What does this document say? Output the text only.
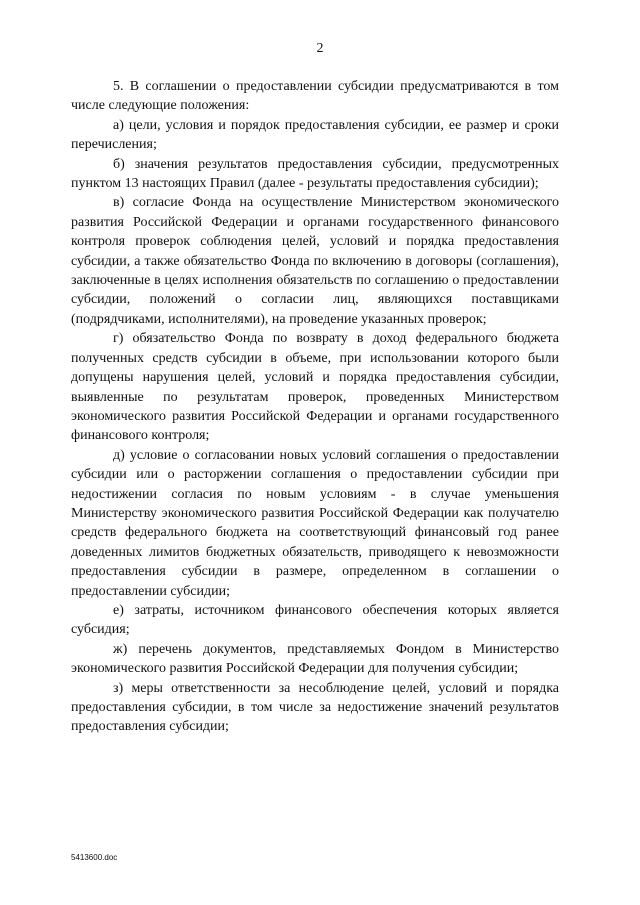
2

5. В соглашении о предоставлении субсидии предусматриваются в том числе следующие положения:

а) цели, условия и порядок предоставления субсидии, ее размер и сроки перечисления;

б) значения результатов предоставления субсидии, предусмотренных пунктом 13 настоящих Правил (далее - результаты предоставления субсидии);

в) согласие Фонда на осуществление Министерством экономического развития Российской Федерации и органами государственного финансового контроля проверок соблюдения целей, условий и порядка предоставления субсидии, а также обязательство Фонда по включению в договоры (соглашения), заключенные в целях исполнения обязательств по соглашению о предоставлении субсидии, положений о согласии лиц, являющихся поставщиками (подрядчиками, исполнителями), на проведение указанных проверок;

г) обязательство Фонда по возврату в доход федерального бюджета полученных средств субсидии в объеме, при использовании которого были допущены нарушения целей, условий и порядка предоставления субсидии, выявленные по результатам проверок, проведенных Министерством экономического развития Российской Федерации и органами государственного финансового контроля;

д) условие о согласовании новых условий соглашения о предоставлении субсидии или о расторжении соглашения о предоставлении субсидии при недостижении согласия по новым условиям - в случае уменьшения Министерству экономического развития Российской Федерации как получателю средств федерального бюджета на соответствующий финансовый год ранее доведенных лимитов бюджетных обязательств, приводящего к невозможности предоставления субсидии в размере, определенном в соглашении о предоставлении субсидии;

е) затраты, источником финансового обеспечения которых является субсидия;

ж) перечень документов, представляемых Фондом в Министерство экономического развития Российской Федерации для получения субсидии;

з) меры ответственности за несоблюдение целей, условий и порядка предоставления субсидии, в том числе за недостижение значений результатов предоставления субсидии;

5413600.doc
